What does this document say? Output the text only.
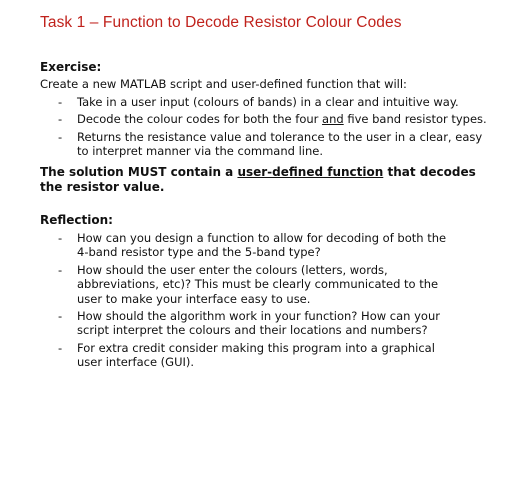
Task 1 – Function to Decode Resistor Colour Codes
Exercise:
Create a new MATLAB script and user-defined function that will:
- Take in a user input (colours of bands) in a clear and intuitive way.
- Decode the colour codes for both the four and five band resistor types.
- Returns the resistance value and tolerance to the user in a clear, easy to interpret manner via the command line.
The solution MUST contain a user-defined function that decodes the resistor value.
Reflection:
- How can you design a function to allow for decoding of both the 4-band resistor type and the 5-band type?
- How should the user enter the colours (letters, words, abbreviations, etc)? This must be clearly communicated to the user to make your interface easy to use.
- How should the algorithm work in your function? How can your script interpret the colours and their locations and numbers?
- For extra credit consider making this program into a graphical user interface (GUI).
